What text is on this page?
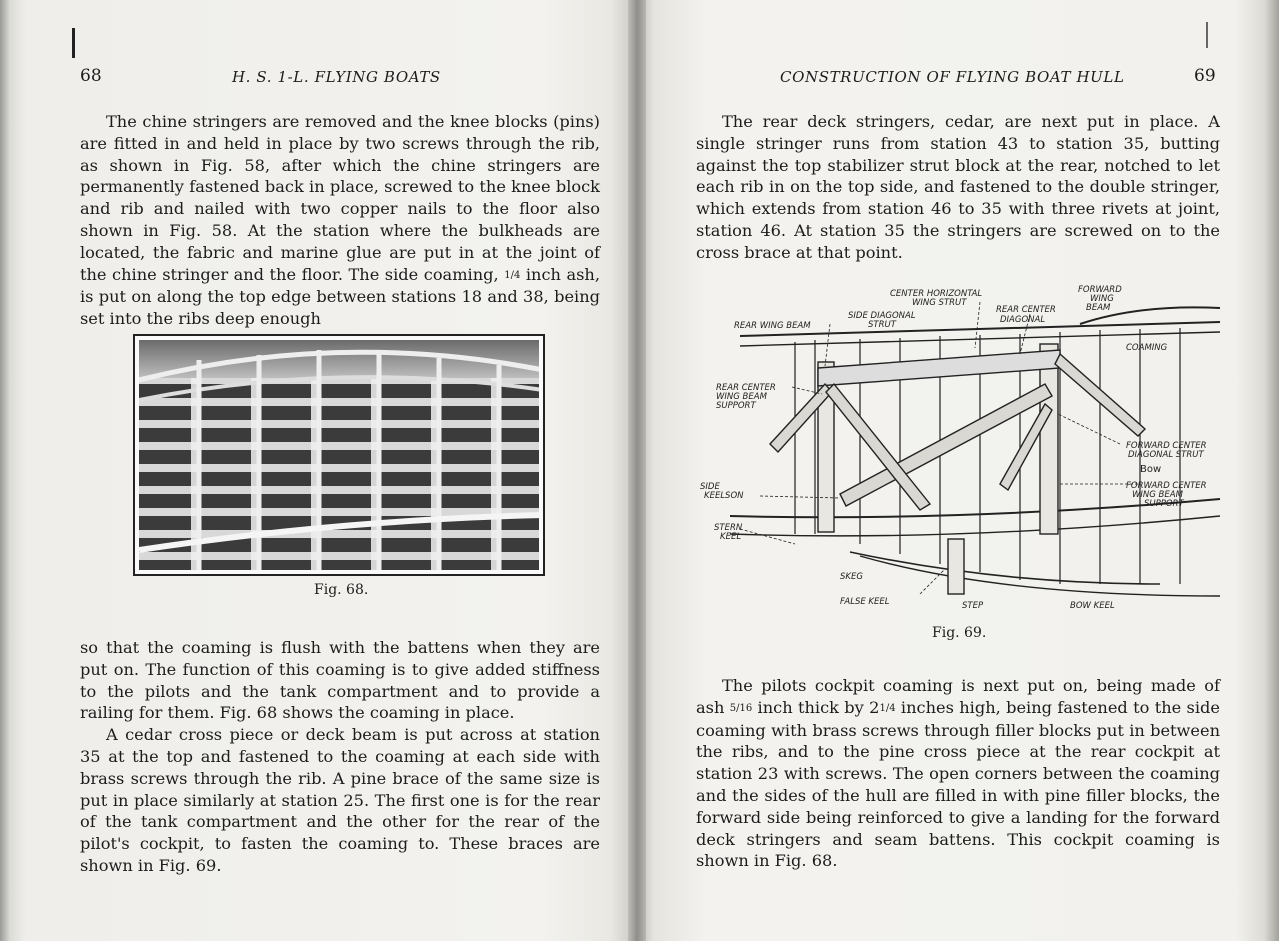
68	H. S. 1-L. FLYING BOATS

The chine stringers are removed and the knee blocks (pins) are fitted in and held in place by two screws through the rib, as shown in Fig. 58, after which the chine stringers are permanently fastened back in place, screwed to the knee block and rib and nailed with two copper nails to the floor also shown in Fig. 58. At the station where the bulkheads are located, the fabric and marine glue are put in at the joint of the chine stringer and the floor. The side coaming, 1/4 inch ash, is put on along the top edge between stations 18 and 38, being set into the ribs deep enough

Fig. 68.

so that the coaming is flush with the battens when they are put on. The function of this coaming is to give added stiffness to the pilots and the tank compartment and to provide a railing for them. Fig. 68 shows the coaming in place.

A cedar cross piece or deck beam is put across at station 35 at the top and fastened to the coaming at each side with brass screws through the rib. A pine brace of the same size is put in place similarly at station 25. The first one is for the rear of the tank compartment and the other for the rear of the pilot's cockpit, to fasten the coaming to. These braces are shown in Fig. 69.

CONSTRUCTION OF FLYING BOAT HULL	69

The rear deck stringers, cedar, are next put in place. A single stringer runs from station 43 to station 35, butting against the top stabilizer strut block at the rear, notched to let each rib in on the top side, and fastened to the double stringer, which extends from station 46 to 35 with three rivets at joint, station 46. At station 35 the stringers are screwed on to the cross brace at that point.

Fig. 69.

The pilots cockpit coaming is next put on, being made of ash 5/16 inch thick by 21/4 inches high, being fastened to the side coaming with brass screws through filler blocks put in between the ribs, and to the pine cross piece at the rear cockpit at station 23 with screws. The open corners between the coaming and the sides of the hull are filled in with pine filler blocks, the forward side being reinforced to give a landing for the forward deck stringers and seam battens. This cockpit coaming is shown in Fig. 68.

CENTER HORIZONTAL
WING STRUT
FORWARD
WING
BEAM
SIDE DIAGONAL
STRUT
REAR CENTER
DIAGONAL
REAR WING BEAM
COAMING
REAR CENTER
WING BEAM
SUPPORT
FORWARD CENTER
DIAGONAL STRUT
Bow
FORWARD CENTER
WING BEAM
SUPPORT
SIDE
KEELSON
STERN
KEEL
SKEG
FALSE KEEL	STEP	BOW KEEL
